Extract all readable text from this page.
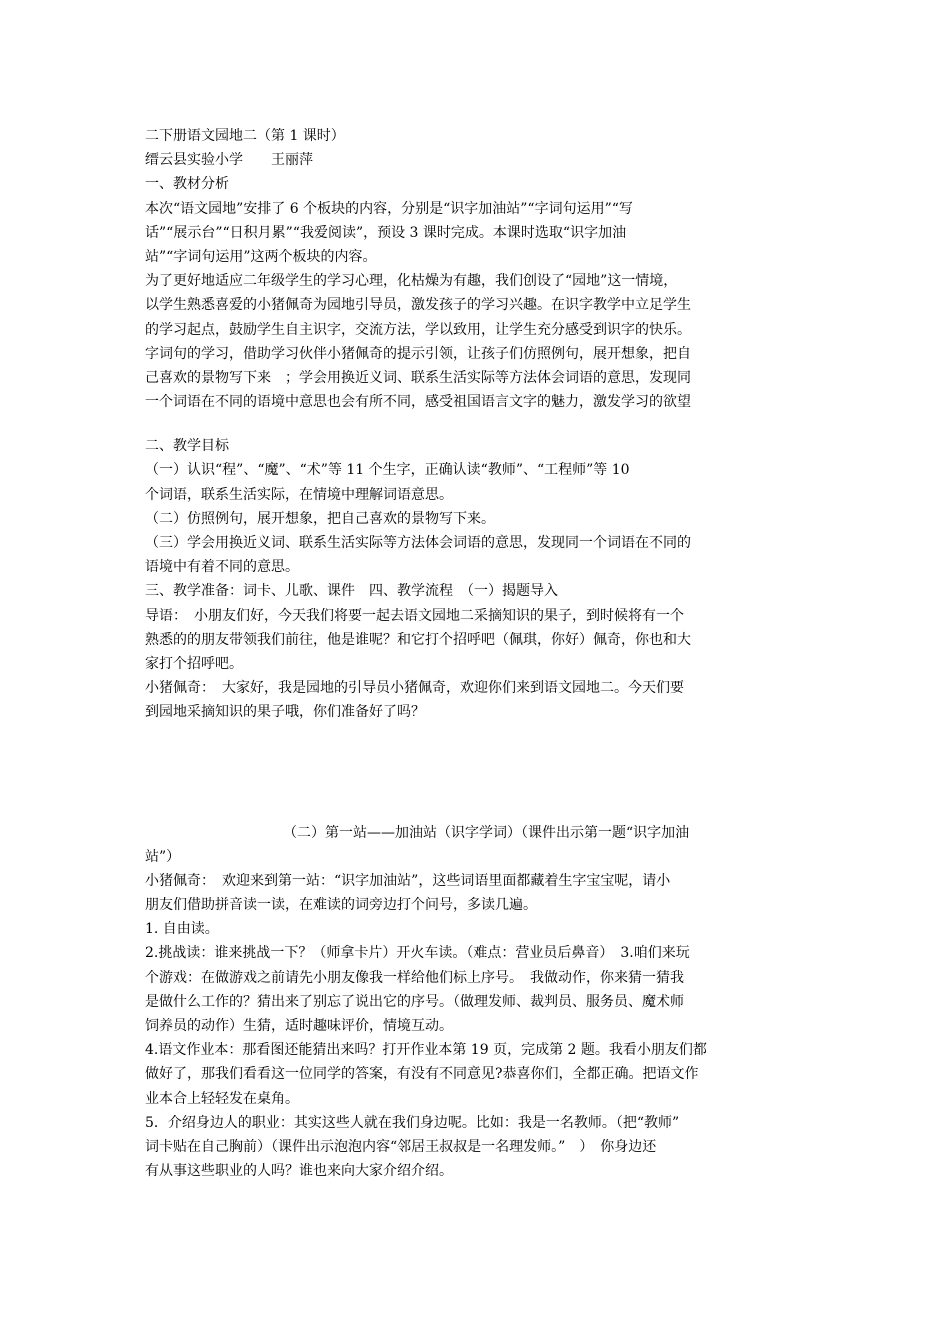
二下册语文园地二（第 1 课时）
缙云县实验小学　　王丽萍
一、教材分析
本次“语文园地”安排了 6 个板块的内容，分别是“识字加油站”“字词句运用”“写
话”“展示台”“日积月累”“我爱阅读”，预设 3 课时完成。本课时选取“识字加油
站”“字词句运用”这两个板块的内容。
为了更好地适应二年级学生的学习心理，化枯燥为有趣，我们创设了“园地”这一情境，
以学生熟悉喜爱的小猪佩奇为园地引导员，激发孩子的学习兴趣。在识字教学中立足学生
的学习起点，鼓励学生自主识字，交流方法，学以致用，让学生充分感受到识字的快乐。
字词句的学习，借助学习伙伴小猪佩奇的提示引领，让孩子们仿照例句，展开想象，把自
己喜欢的景物写下来　；学会用换近义词、联系生活实际等方法体会词语的意思，发现同
一个词语在不同的语境中意思也会有所不同，感受祖国语言文字的魅力，激发学习的欲望
二、教学目标
（一）认识“程”、“魔”、“术”等 11 个生字，正确认读“教师”、“工程师”等 10
个词语，联系生活实际，在情境中理解词语意思。
（二）仿照例句，展开想象，把自己喜欢的景物写下来。
（三）学会用换近义词、联系生活实际等方法体会词语的意思，发现同一个词语在不同的
语境中有着不同的意思。
三、教学准备：词卡、儿歌、课件　四、教学流程　（一）揭题导入
导语：　小朋友们好，今天我们将要一起去语文园地二采摘知识的果子，到时候将有一个
熟悉的的朋友带领我们前往，他是谁呢？和它打个招呼吧（佩琪，你好）佩奇，你也和大
家打个招呼吧。
小猪佩奇：　大家好，我是园地的引导员小猪佩奇，欢迎你们来到语文园地二。今天们要
到园地采摘知识的果子哦，你们准备好了吗？
（二）第一站——加油站（识字学词）（课件出示第一题“识字加油
站”）
小猪佩奇：　欢迎来到第一站：“识字加油站”，这些词语里面都藏着生字宝宝呢，请小
朋友们借助拼音读一读，在难读的词旁边打个问号，多读几遍。
1. 自由读。
2.挑战读：谁来挑战一下？（师拿卡片）开火车读。（难点：营业员后鼻音）　3.咱们来玩
个游戏：在做游戏之前请先小朋友像我一样给他们标上序号。　我做动作，你来猜一猜我
是做什么工作的？猜出来了别忘了说出它的序号。（做理发师、裁判员、服务员、魔术师
饲养员的动作）生猜，适时趣味评价，情境互动。
4.语文作业本：那看图还能猜出来吗？打开作业本第 19 页，完成第 2 题。我看小朋友们都
做好了，那我们看看这一位同学的答案，有没有不同意见?恭喜你们，全都正确。把语文作
业本合上轻轻发在桌角。
5．介绍身边人的职业：其实这些人就在我们身边呢。比如：我是一名教师。（把“教师”
词卡贴在自己胸前）（课件出示泡泡内容“邻居王叔叔是一名理发师。”　）　你身边还
有从事这些职业的人吗？谁也来向大家介绍介绍。
